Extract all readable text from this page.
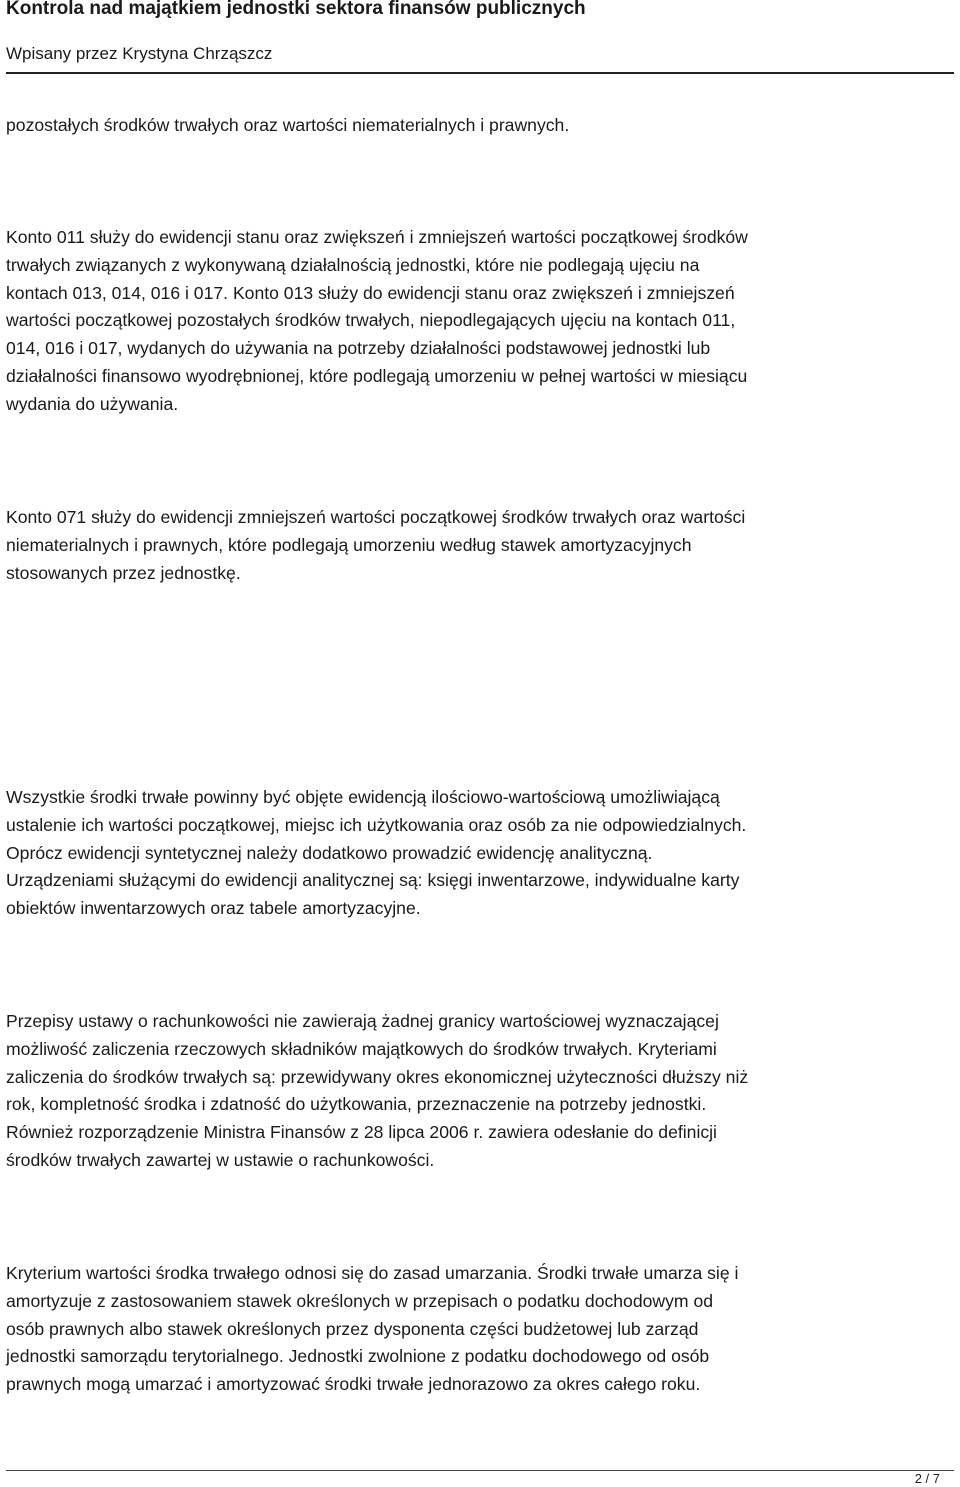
Kontrola nad majątkiem jednostki sektora finansów publicznych
Wpisany przez Krystyna Chrząszcz

pozostałych środków trwałych oraz wartości niematerialnych i prawnych.

Konto 011 służy do ewidencji stanu oraz zwiększeń i zmniejszeń wartości początkowej środków
trwałych związanych z wykonywaną działalnością jednostki, które nie podlegają ujęciu na
kontach 013, 014, 016 i 017. Konto 013 służy do ewidencji stanu oraz zwiększeń i zmniejszeń
wartości początkowej pozostałych środków trwałych, niepodlegających ujęciu na kontach 011,
014, 016 i 017, wydanych do używania na potrzeby działalności podstawowej jednostki lub
działalności finansowo wyodrębnionej, które podlegają umorzeniu w pełnej wartości w miesiącu
wydania do używania.

Konto 071 służy do ewidencji zmniejszeń wartości początkowej środków trwałych oraz wartości
niematerialnych i prawnych, które podlegają umorzeniu według stawek amortyzacyjnych
stosowanych przez jednostkę.

Wszystkie środki trwałe powinny być objęte ewidencją ilościowo-wartościową umożliwiającą
ustalenie ich wartości początkowej, miejsc ich użytkowania oraz osób za nie odpowiedzialnych.
Oprócz ewidencji syntetycznej należy dodatkowo prowadzić ewidencję analityczną.
Urządzeniami służącymi do ewidencji analitycznej są: księgi inwentarzowe, indywidualne karty
obiektów inwentarzowych oraz tabele amortyzacyjne.

Przepisy ustawy o rachunkowości nie zawierają żadnej granicy wartościowej wyznaczającej
możliwość zaliczenia rzeczowych składników majątkowych do środków trwałych. Kryteriami
zaliczenia do środków trwałych są: przewidywany okres ekonomicznej użyteczności dłuższy niż
rok, kompletność środka i zdatność do użytkowania, przeznaczenie na potrzeby jednostki.
Również rozporządzenie Ministra Finansów z 28 lipca 2006 r. zawiera odesłanie do definicji
środków trwałych zawartej w ustawie o rachunkowości.

Kryterium wartości środka trwałego odnosi się do zasad umarzania. Środki trwałe umarza się i
amortyzuje z zastosowaniem stawek określonych w przepisach o podatku dochodowym od
osób prawnych albo stawek określonych przez dysponenta części budżetowej lub zarząd
jednostki samorządu terytorialnego. Jednostki zwolnione z podatku dochodowego od osób
prawnych mogą umarzać i amortyzować środki trwałe jednorazowo za okres całego roku.

2 / 7
